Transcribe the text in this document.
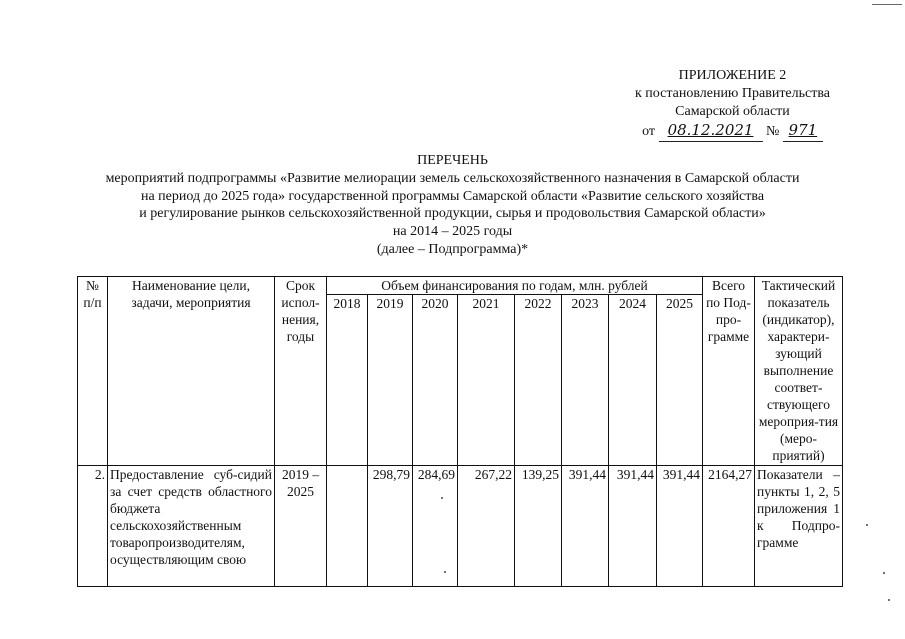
ПРИЛОЖЕНИЕ 2
к постановлению Правительства
Самарской области
от 08.12.2021 № 971
ПЕРЕЧЕНЬ
мероприятий подпрограммы «Развитие мелиорации земель сельскохозяйственного назначения в Самарской области
на период до 2025 года» государственной программы Самарской области «Развитие сельского хозяйства
и регулирование рынков сельскохозяйственной продукции, сырья и продовольствия Самарской области»
на 2014 – 2025 годы
(далее – Подпрограмма)*
№ п/п	Наименование цели, задачи, мероприятия	Срок испол-нения, годы	Объем финансирования по годам, млн. рублей								Всего по Под-про-грамме	Тактический показатель (индикатор), характери-зующий выполнение соответ-ствующего мероприя-тия (меро-приятий)
			2018	2019	2020	2021	2022	2023	2024	2025		
2.	Предоставление суб-сидий за счет средств областного бюджета сельскохозяйственным товаропроизводителям, осуществляющим свою	2019 – 2025		298,79	284,69	267,22	139,25	391,44	391,44	391,44	2164,27	Показатели – пункты 1, 2, 5 приложения 1 к Подпро-грамме
